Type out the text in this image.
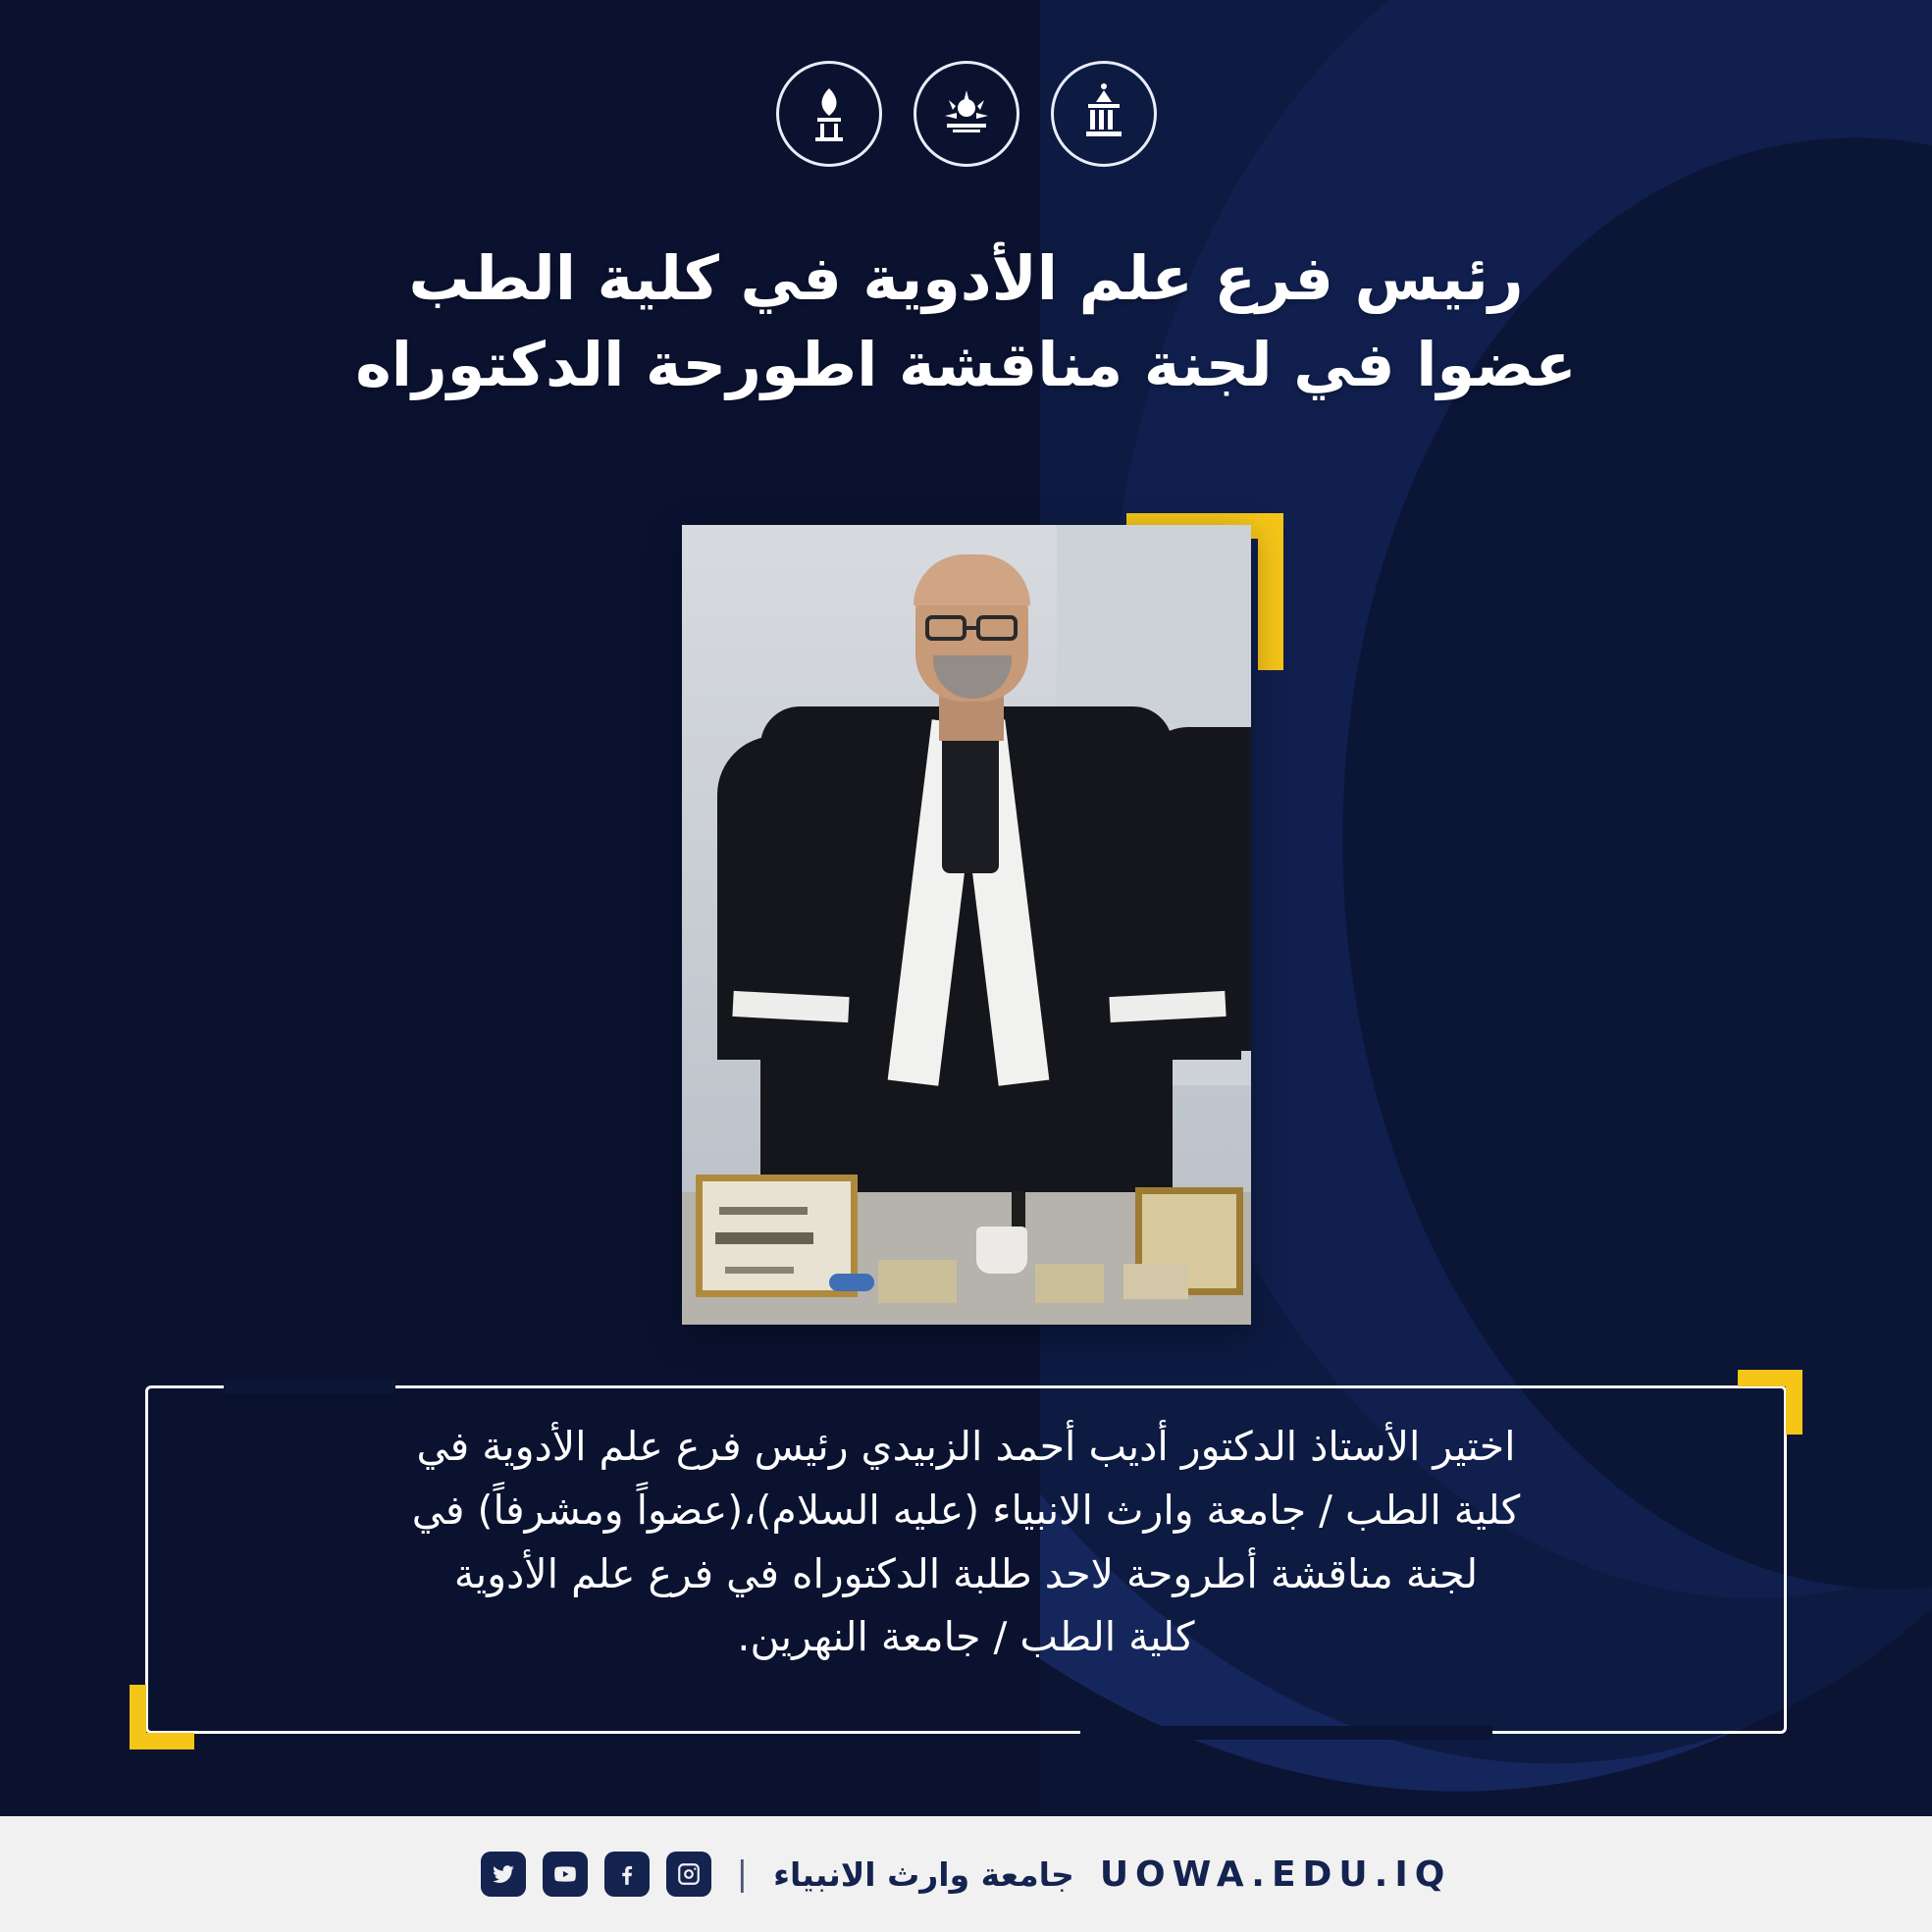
رئيس فرع علم الأدوية في كلية الطب
عضوا في لجنة مناقشة اطورحة الدكتوراه
اختير الأستاذ الدكتور أديب أحمد الزبيدي رئيس فرع علم الأدوية في
كلية الطب / جامعة وارث الانبياء (عليه السلام)،(عضواً ومشرفاً) في
لجنة مناقشة أطروحة لاحد طلبة الدكتوراه في فرع علم الأدوية
كلية الطب / جامعة النهرين.
UOWA.EDU.IQ
جامعة وارث الانبياء
|
